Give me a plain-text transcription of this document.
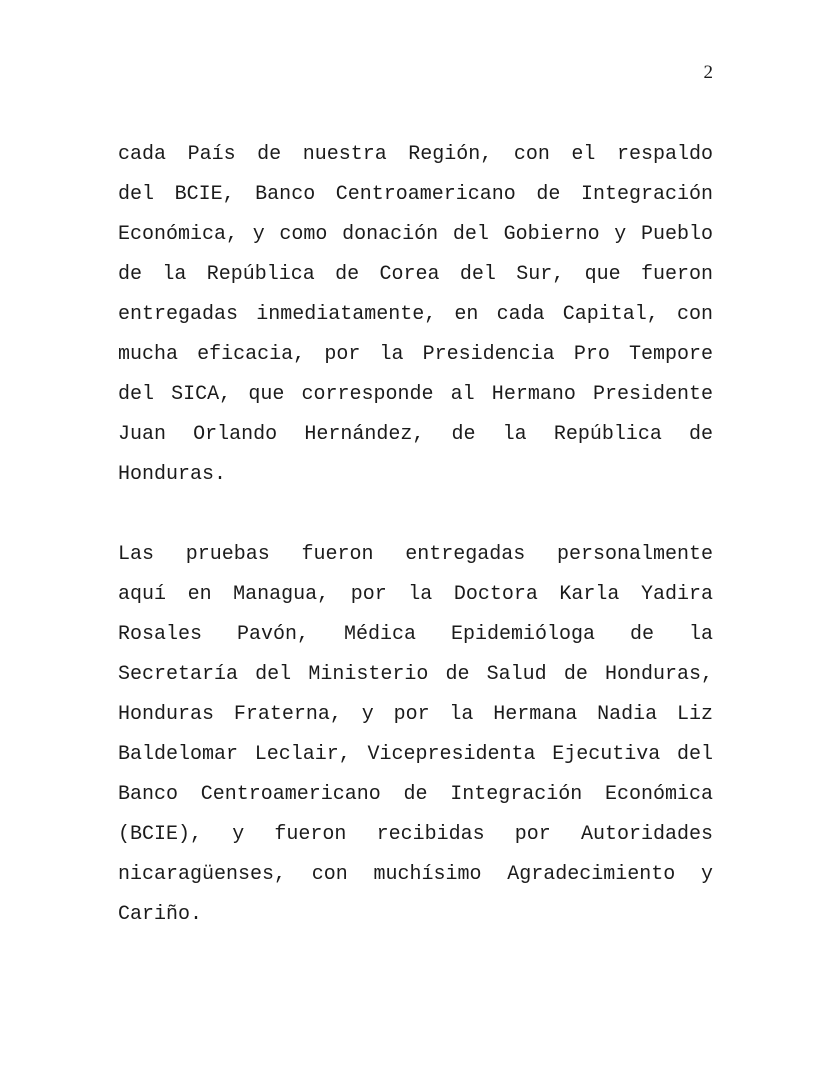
2
cada País de nuestra Región, con el respaldo
del BCIE, Banco Centroamericano de Integración
Económica, y como donación del Gobierno y Pueblo
de la República de Corea del Sur, que fueron
entregadas inmediatamente, en cada Capital, con
mucha eficacia, por la Presidencia Pro Tempore
del SICA, que corresponde al Hermano Presidente
Juan Orlando Hernández, de la República de
Honduras.
Las pruebas fueron entregadas personalmente
aquí en Managua, por la Doctora Karla Yadira
Rosales Pavón, Médica Epidemióloga de la
Secretaría del Ministerio de Salud de Honduras,
Honduras Fraterna, y por la Hermana Nadia Liz
Baldelomar Leclair, Vicepresidenta Ejecutiva del
Banco Centroamericano de Integración Económica
(BCIE), y fueron recibidas por Autoridades
nicaragüenses, con muchísimo Agradecimiento y
Cariño.
